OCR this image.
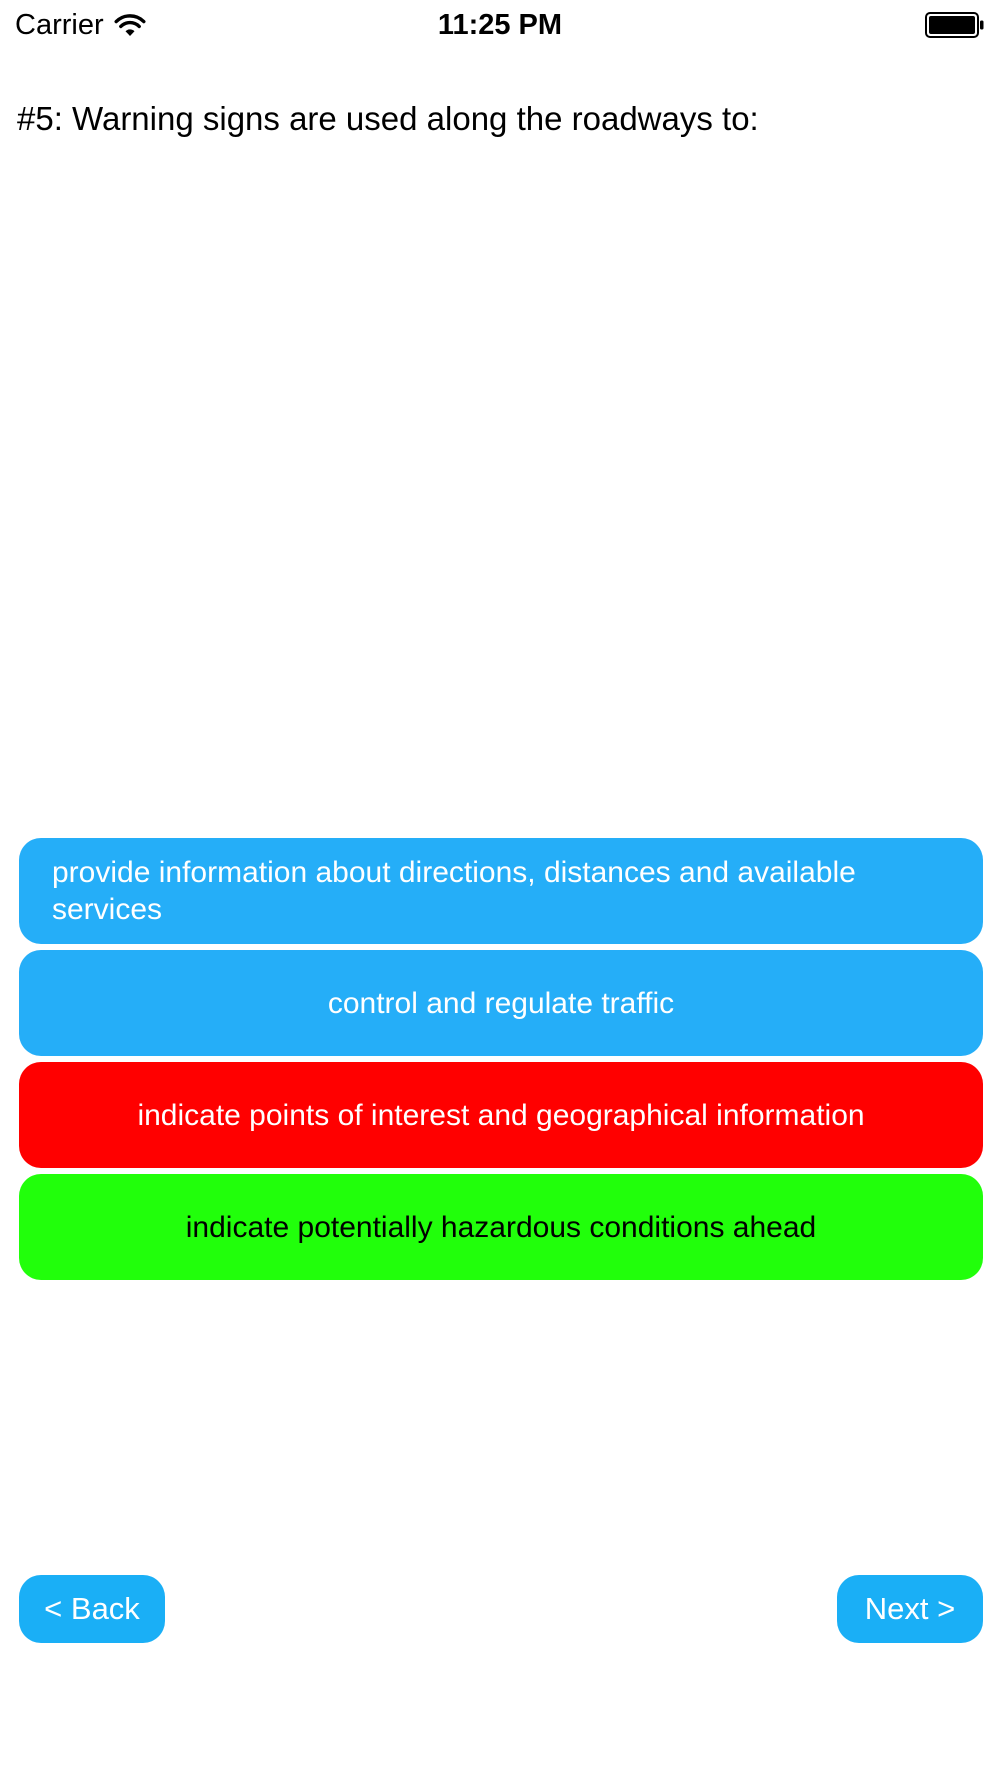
Carrier	11:25 PM
#5: Warning signs are used along the roadways to:
provide information about directions, distances and available services
control and regulate traffic
indicate points of interest and geographical information
indicate potentially hazardous conditions ahead
< Back	Next >
